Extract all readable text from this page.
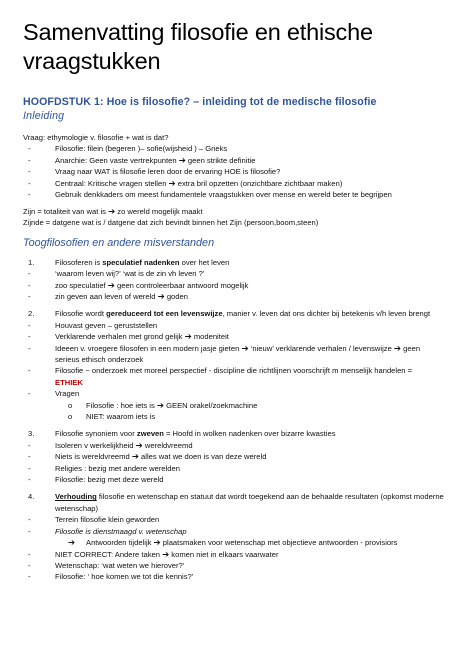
Samenvatting filosofie en ethische
vraagstukken
HOOFDSTUK 1: Hoe is filosofie? – inleiding tot de medische filosofie
Inleiding
Vraag: ethymologie v. filosofie + wat is dat?
-	Filosofie: filein (begeren )– sofie(wijsheid ) – Grieks
-	Anarchie: Geen vaste vertrekpunten ➔ geen strikte definitie
-	Vraag naar WAT is filosofie leren door de ervaring HOE is filosofie?
-	Centraal: Kritische vragen stellen ➔ extra bril opzetten (onzichtbare zichtbaar maken)
-	Gebruik denkkaders om meest fundamentele vraagstukken over mense en wereld beter te begrijpen
Zijn = totaliteit van wat is ➔ zo wereld mogelijk maakt
Zijnde = datgene wat is / datgene dat zich bevindt binnen het Zijn (persoon,boom,steen)
Toogfilosofien en andere misverstanden
1.	Filosoferen is speculatief nadenken over het leven
-	‘waarom leven wij?’ ‘wat is de zin vh leven ?’
-	zoo speculatief ➔ geen controleerbaar antwoord mogelijk
-	zin geven aan leven of wereld ➔ goden
2.	Filosofie wordt gereduceerd tot een levenswijze, manier v. leven dat ons dichter bij betekenis v/h leven brengt
-	Houvast geven – geruststellen
-	Verklarende verhalen met grond gelijk ➔ modeniteit
-	Ideeen v. vroegere filosofen in een modern jasje gieten ➔ ‘nieuw’ verklarende verhalen / levenswijze ➔ geen
serieus ethisch onderzoek
-	Filosofie ~ onderzoek met moreel perspectief - discipline die richtlijnen voorschrijft m menselijk handelen =
ETHIEK
-	Vragen
o Filosofie : hoe iets is ➔ GEEN orakel/zoekmachine
o NIET: waarom iets is
3.	Filosofie synoniem voor zweven = Hoofd in wolken nadenken over bizarre kwasties
-	Isoleren v werkelijkheid ➔ wereldvreemd
-	Niets is wereldvreemd ➔ alles wat we doen is van deze wereld
-	Religies : bezig met andere werelden
-	Filosofie: bezig met deze wereld
4.	Verhouding filosofie en wetenschap en statuut dat wordt toegekend aan de behaalde resultaten (opkomst moderne
wetenschap)
-	Terrein filosofie klein geworden
-	Filosofie is dienstmaagd v. wetenschap
➔ Antwoorden tijdelijk ➔ plaatsmaken voor wetenschap met objectieve antwoorden - provisiors
-	NIET CORRECT: Andere taken ➔ komen niet in elkaars vaarwater
-	Wetenschap: ‘wat weten we hierover?’
-	Filosofie: ‘ hoe komen we tot die kennis?’
